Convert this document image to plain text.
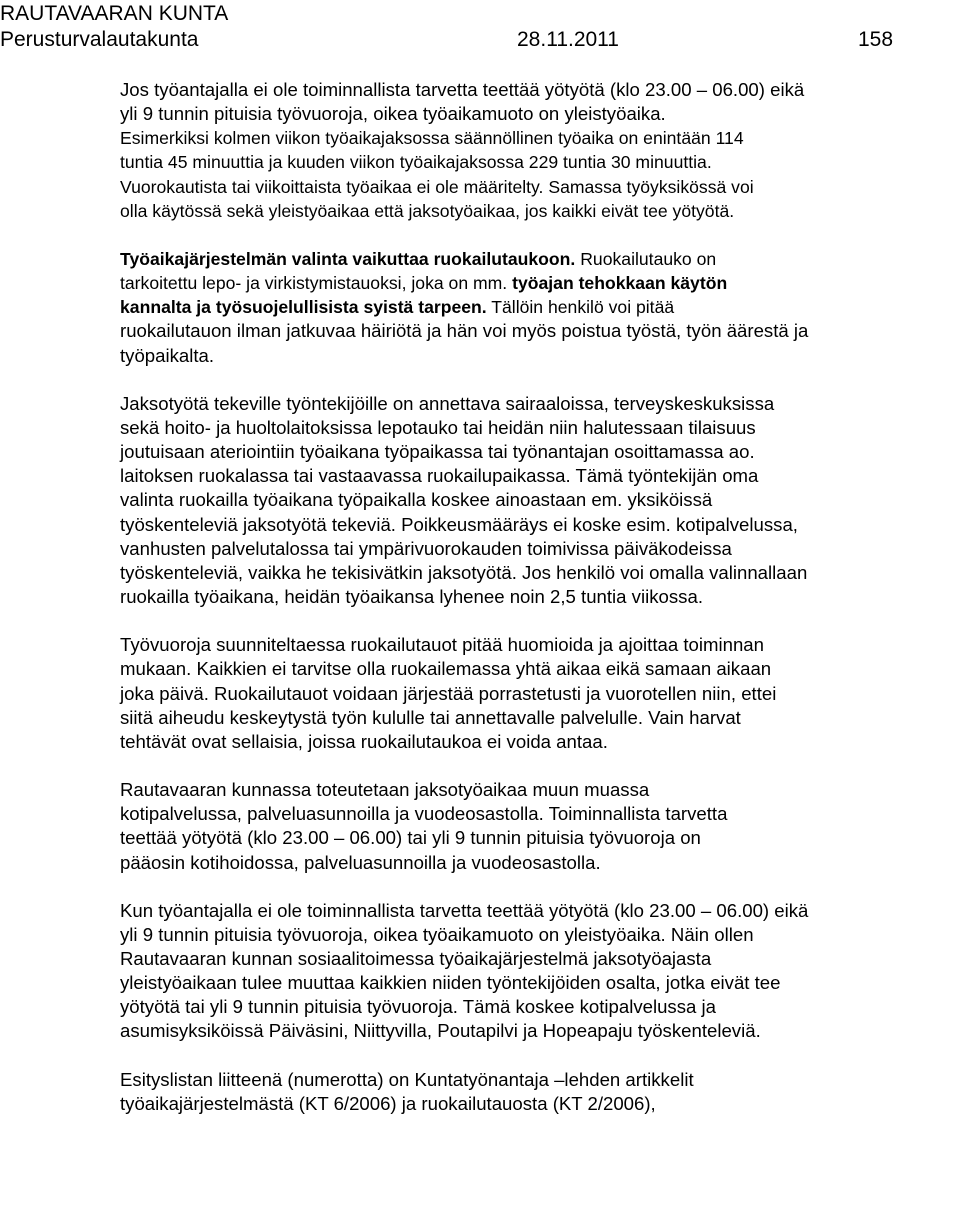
RAUTAVAARAN KUNTA
Perusturvalautakunta	28.11.2011	158
Jos työantajalla ei ole toiminnallista tarvetta teettää yötyötä (klo 23.00 – 06.00) eikä
yli 9 tunnin pituisia työvuoroja, oikea työaikamuoto on yleistyöaika.
Esimerkiksi kolmen viikon työaikajaksossa säännöllinen työaika on enintään 114
tuntia 45 minuuttia ja kuuden viikon työaikajaksossa 229 tuntia 30 minuuttia.
Vuorokautista tai viikoittaista työaikaa ei ole määritelty. Samassa työyksikössä voi
olla käytössä sekä yleistyöaikaa että jaksotyöaikaa, jos kaikki eivät tee yötyötä.
Työaikajärjestelmän valinta vaikuttaa ruokailutaukoon. Ruokailutauko on
tarkoitettu lepo- ja virkistymistauoksi, joka on mm. työajan tehokkaan käytön
kannalta ja työsuojelullisista syistä tarpeen. Tällöin henkilö voi pitää
ruokailutauon ilman jatkuvaa häiriötä ja hän voi myös poistua työstä, työn äärestä ja
työpaikalta.
Jaksotyötä tekeville työntekijöille on annettava sairaaloissa, terveyskeskuksissa
sekä hoito- ja huoltolaitoksissa lepotauko tai heidän niin halutessaan tilaisuus
joutuisaan ateriointiin työaikana työpaikassa tai työnantajan osoittamassa ao.
laitoksen ruokalassa tai vastaavassa ruokailupaikassa. Tämä työntekijän oma
valinta ruokailla työaikana työpaikalla koskee ainoastaan em. yksiköissä
työskenteleviä jaksotyötä tekeviä. Poikkeusmääräys ei koske esim. kotipalvelussa,
vanhusten palvelutalossa tai ympärivuorokauden toimivissa päiväkodeissa
työskenteleviä, vaikka he tekisivätkin jaksotyötä. Jos henkilö voi omalla valinnallaan
ruokailla työaikana, heidän työaikansa lyhenee noin 2,5 tuntia viikossa.
Työvuoroja suunniteltaessa ruokailutauot pitää huomioida ja ajoittaa toiminnan
mukaan. Kaikkien ei tarvitse olla ruokailemassa yhtä aikaa eikä samaan aikaan
joka päivä. Ruokailutauot voidaan järjestää porrastetusti ja vuorotellen niin, ettei
siitä aiheudu keskeytystä työn kululle tai annettavalle palvelulle. Vain harvat
tehtävät ovat sellaisia, joissa ruokailutaukoa ei voida antaa.
Rautavaaran kunnassa toteutetaan jaksotyöaikaa muun muassa
kotipalvelussa, palveluasunnoilla ja vuodeosastolla. Toiminnallista tarvetta
teettää yötyötä (klo 23.00 – 06.00) tai yli 9 tunnin pituisia työvuoroja on
pääosin kotihoidossa, palveluasunnoilla ja vuodeosastolla.
Kun työantajalla ei ole toiminnallista tarvetta teettää yötyötä (klo 23.00 – 06.00) eikä
yli 9 tunnin pituisia työvuoroja, oikea työaikamuoto on yleistyöaika. Näin ollen
Rautavaaran kunnan sosiaalitoimessa työaikajärjestelmä jaksotyöajasta
yleistyöaikaan tulee muuttaa kaikkien niiden työntekijöiden osalta, jotka eivät tee
yötyötä tai yli 9 tunnin pituisia työvuoroja. Tämä koskee kotipalvelussa ja
asumisyksiköissä Päiväsini, Niittyvilla, Poutapilvi ja Hopeapaju työskenteleviä.
Esityslistan liitteenä (numerotta) on Kuntatyönantaja –lehden artikkelit
työaikajärjestelmästä (KT 6/2006) ja ruokailutauosta (KT 2/2006),
